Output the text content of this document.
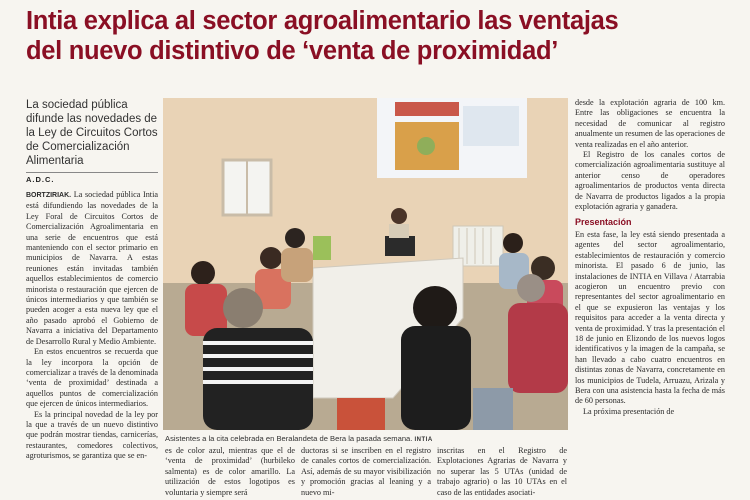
Intia explica al sector agroalimentario las ventajas
del nuevo distintivo de ‘venta de proximidad’
La sociedad pública difunde las novedades de la Ley de Circuitos Cortos de Comercialización Alimentaria
A.D.C.

BORTZIRIAK. La sociedad pública Intia está difundiendo las novedades de la Ley Foral de Circuitos Cortos de Comercialización Agroalimentaria en una serie de encuentros que está manteniendo con el sector primario en municipios de Navarra. A estas reuniones están invitadas también aquellos establecimientos de comercio minorista o restauración que ejercen de únicos intermediarios y que también se pueden acoger a esta nueva ley que el año pasado aprobó el Gobierno de Navarra a iniciativa del Departamento de Desarrollo Rural y Medio Ambiente.

En estos encuentros se recuerda que la ley incorpora la opción de comercializar a través de la denominada ‘venta de proximidad’ destinada a aquellos puntos de comercialización que ejercen de únicos intermediarios.

Es la principal novedad de la ley por la que a través de un nuevo distintivo que podrán mostrar tiendas, carnicerías, restaurantes, comedores colectivos, agroturismos, se garantiza que se en-

Asistentes a la cita celebrada en Beralandeta de Bera la pasada semana. INTIA
es de color azul, mientras que el de ‘venta de proximidad’ (hurbileko salmenta) es de color amarillo. La utilización de estos logotipos es voluntaria y siempre será
ductoras si se inscriben en el registro de canales cortos de comercialización. Así, además de su mayor visibilización y promoción gracias al leaning y a nuevo mi-
inscritas en el Registro de Explotaciones Agrarias de Navarra y no superar las 5 UTAs (unidad de trabajo agrario) o las 10 UTAs en el caso de las entidades asociati-

desde la explotación agraria de 100 km. Entre las obligaciones se encuentra la necesidad de comunicar al registro anualmente un resumen de las operaciones de venta realizadas en el año anterior.

El Registro de los canales cortos de comercialización agroalimentaria sustituye al anterior censo de operadores agroalimentarios de productos venta directa de Navarra de productos ligados a la propia explotación agraria y ganadera.

Presentación

En esta fase, la ley está siendo presentada a agentes del sector agroalimentario, establecimientos de restauración y comercio minorista. El pasado 6 de junio, las instalaciones de INTIA en Villava / Atarrabia acogieron un encuentro previo con representantes del sector agroalimentario en el que se expusieron las ventajas y los requisitos para acceder a la venta directa y venta de proximidad. Y tras la presentación el 18 de junio en Elizondo de los nuevos logos identificativos y la imagen de la campaña, se han llevado a cabo cuatro encuentros en distintas zonas de Navarra, concretamente en los municipios de Tudela, Arruazu, Arizala y Bera con una asistencia hasta la fecha de más de 60 personas.

La próxima presentación de
